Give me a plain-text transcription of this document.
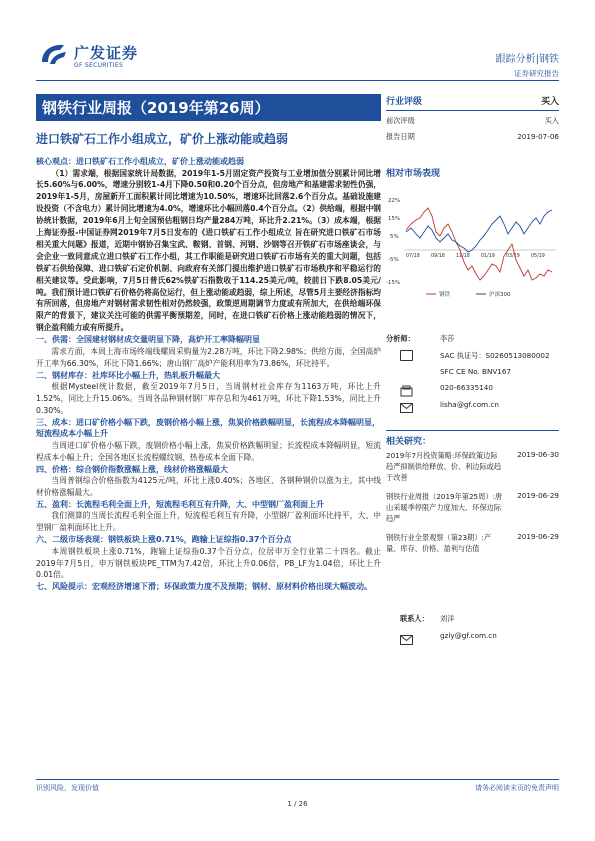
广发证券
GF SECURITIES
跟踪分析|钢铁
证券研究报告
钢铁行业周报（2019年第26周）
进口铁矿石工作小组成立，矿价上涨动能或趋弱
行业评级	买入
前次评级	买入
报告日期	2019-07-06
相对市场表现
22%
15%
5%
-5%
-15%
07/18 09/18 11/18 01/19 03/19 05/19
钢铁	沪深300
分析师：	李莎
SAC 执证号：S0260513080002
SFC CE No. BNV167
020-66335140
lisha@gf.com.cn
相关研究：
2019年7月投资策略:环保政策边际趋严抑制供给释放、价、利边际或趋于改善
2019-06-30
钢铁行业周报（2019年第25周）:唐山采暖季停限产力度加大、环保边际趋严
2019-06-29
钢铁行业全景观察（第23期）:产量、库存、价格、盈利与估值
2019-06-29
联系人： 刘洋
gzly@gf.com.cn
核心观点：进口铁矿石工作小组成立，矿价上涨动能或趋弱
（1）需求端，根据国家统计局数据，2019年1-5月固定资产投资与工业增加值分别累计同比增长5.60%与6.00%，增速分别较1-4月下降0.50和0.20个百分点，但房地产和基建需求韧性仍强，2019年1-5月，房屋新开工面积累计同比增速为10.50%，增速环比回落2.6个百分点。基础设施建设投资（不含电力）累计同比增速为4.0%，增速环比小幅回落0.4个百分点。（2）供给端，根据中钢协统计数据，2019年6月上旬全国预估粗钢日均产量284万吨，环比升2.21%。（3）成本端，根据上海证券报-中国证券网2019年7月5日发布的《进口铁矿石工作小组成立 旨在研究进口铁矿石市场相关重大问题》报道，近期中钢协召集宝武、鞍钢、首钢、河钢、沙钢等召开铁矿石市场座谈会，与会企业一致同意成立进口铁矿石工作小组，其工作职能是研究进口铁矿石市场有关的重大问题，包括铁矿石供给保障、进口铁矿石定价机制、向政府有关部门提出维护进口铁矿石市场秩序和平稳运行的相关建议等。受此影响，7月5日普氏62%铁矿石指数收于114.25美元/吨，较前日下跌8.05美元/吨。我们预计进口铁矿石价格仍将高位运行，但上涨动能或趋弱，综上所述，尽管5月主要经济指标均有所回落，但房地产对钢材需求韧性相对仍然较强，政策逆周期调节力度或有所加大，在供给端环保限产的背景下，建议关注可能的供需平衡预期差，同时，在进口铁矿石价格上涨动能趋弱的情况下，钢企盈利能力或有所提升。
一、供需：全国建材钢材成交量明显下降，高炉开工率降幅明显
需求方面，本周上海市场终端线螺周采购量为2.28万吨，环比下降2.98%；供给方面，全国高炉开工率为66.30%，环比下降1.66%；唐山钢厂高炉产能利用率为73.86%，环比持平。
二、钢材库存：社库环比小幅上升，热轧板升幅最大
根据Mysteel统计数据，截至2019年7月5日，当周钢材社会库存为1163万吨，环比上升1.52%，同比上升15.06%。当周各品种钢材钢厂库存总和为461万吨，环比下降1.53%，同比上升0.30%。
三、成本：进口矿价格小幅下跌，废钢价格小幅上涨，焦炭价格跌幅明显，长流程成本降幅明显，短流程成本小幅上升
当周进口矿价格小幅下跌，废钢价格小幅上涨，焦炭价格跌幅明显；长流程成本降幅明显，短流程成本小幅上升；全国各地区长流程螺纹钢、热卷成本全面下降。
四、价格：综合钢价指数涨幅上涨，线材价格涨幅最大
当周普钢综合价格指数为4125元/吨，环比上涨0.40%；各地区、各钢种钢价以涨为主，其中线材价格涨幅最大。
五、盈利：长流程毛利全面上升，短流程毛利互有升降，大、中型钢厂盈利面上升
我们测算的当周长流程毛利全面上升，短流程毛利互有升降，小型钢厂盈利面环比持平，大、中型钢厂盈利面环比上升。
六、二级市场表现：钢铁板块上涨0.71%，跑输上证综指0.37个百分点
本周钢铁板块上涨0.71%，跑输上证综指0.37个百分点，位居申万全行业第二十四名。截止2019年7月5日，申万钢铁板块PE_TTM为7.42倍，环比上升0.06倍，PB_LF为1.04倍，环比上升0.01倍。
七、风险提示：宏观经济增速下滑；环保政策力度不及预期；钢材、原材料价格出现大幅波动。
识别风险，发现价值	请务必阅读末页的免责声明
1 / 26
